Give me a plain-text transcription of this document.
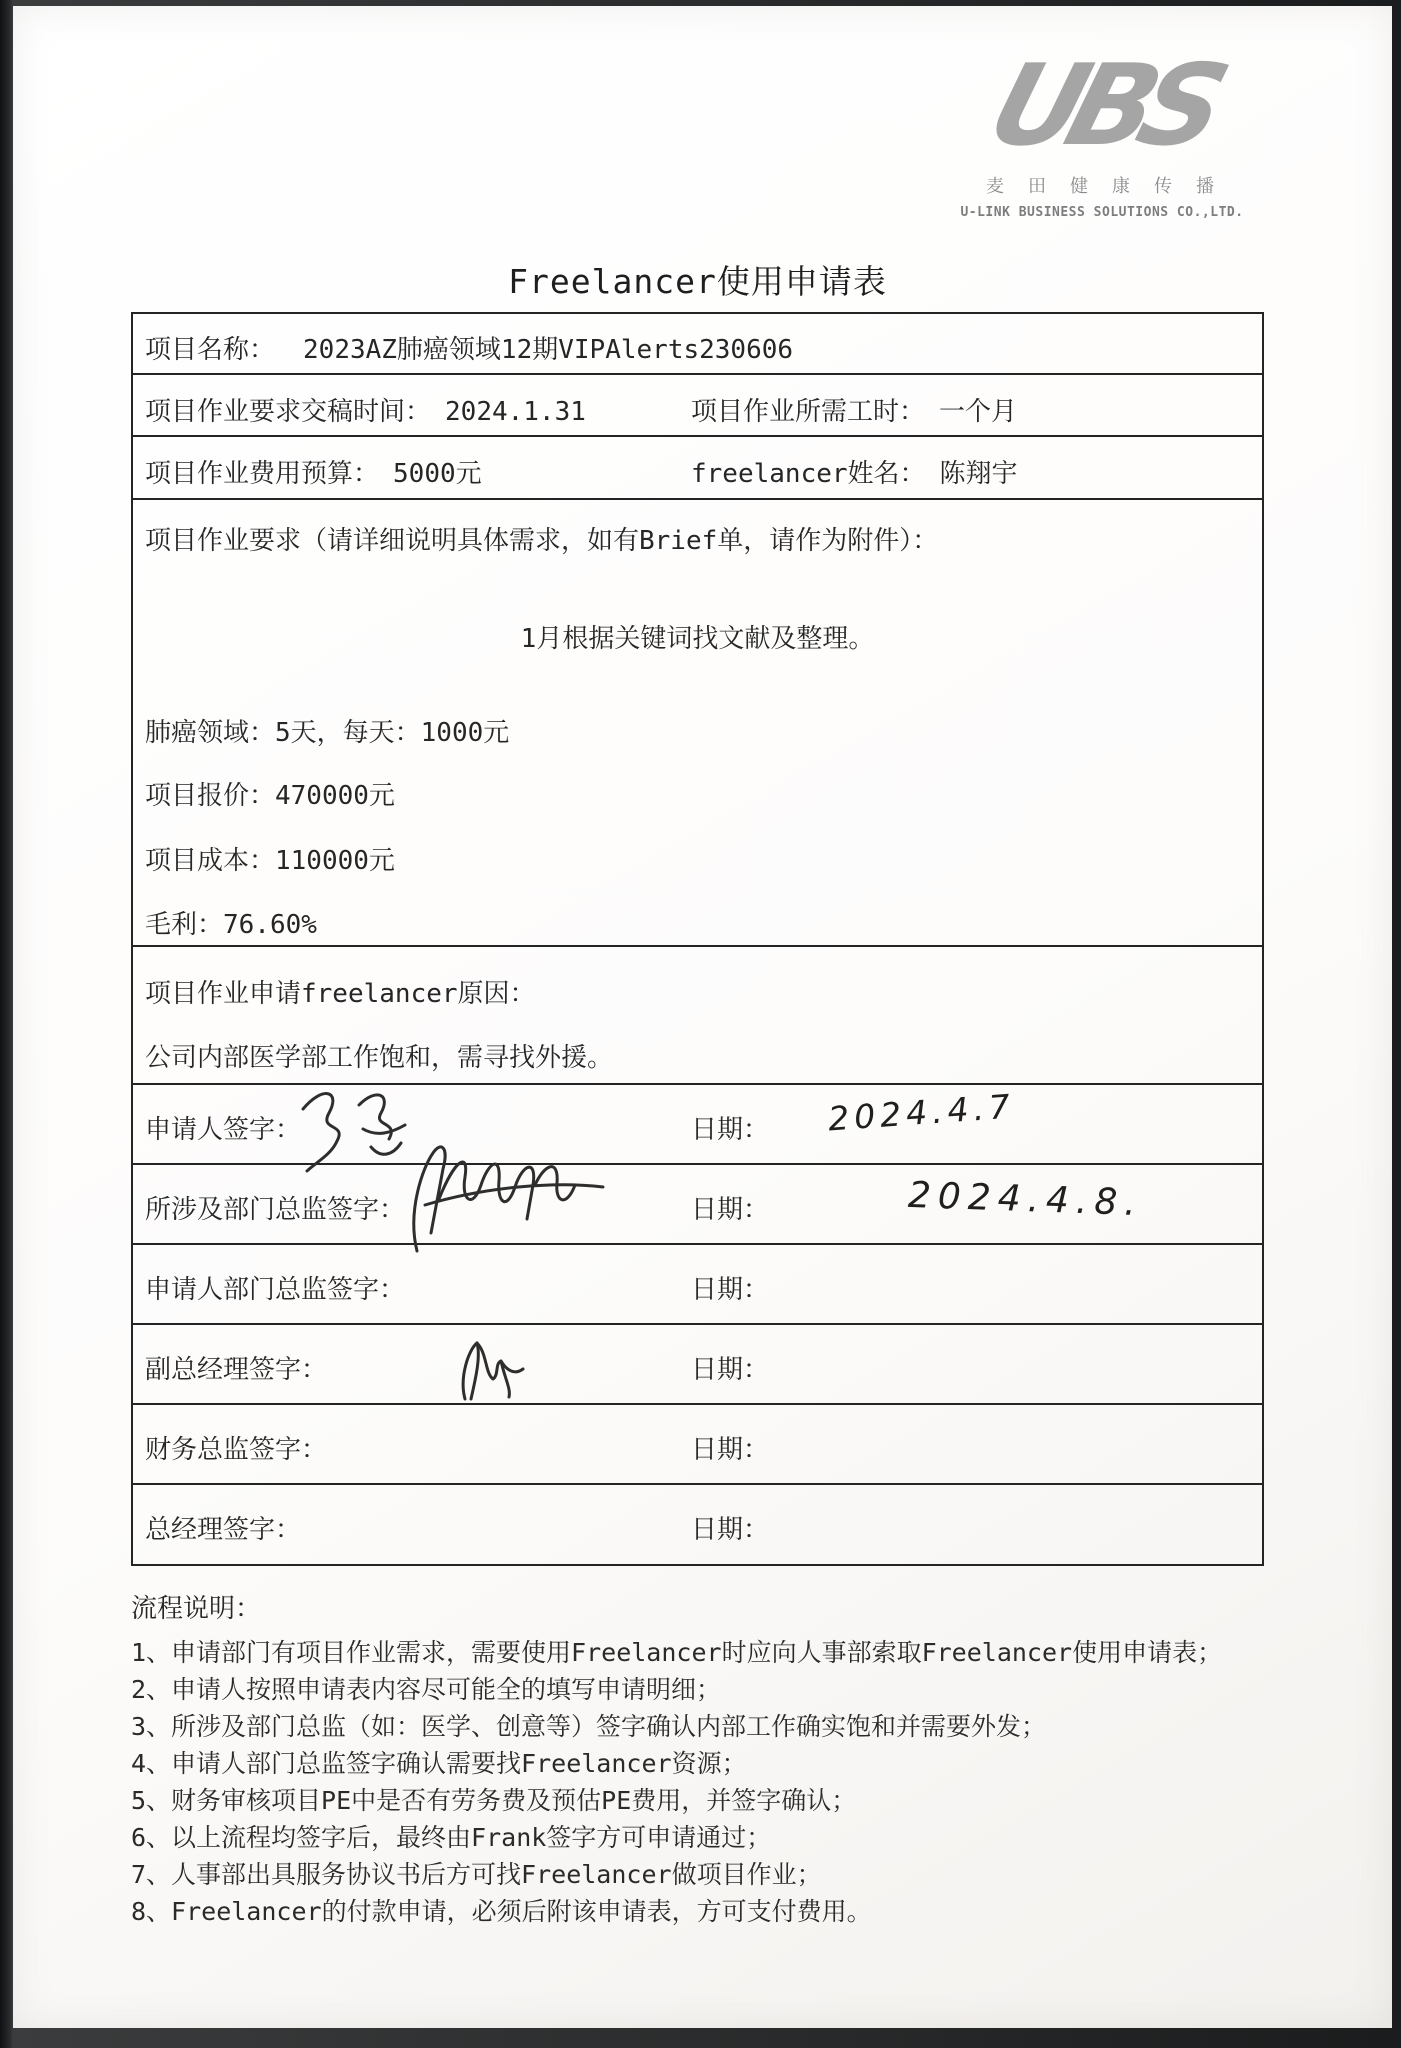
UBS
麦田健康传播
U-LINK BUSINESS SOLUTIONS CO.,LTD.
Freelancer使用申请表
项目名称： 2023AZ肺癌领域12期VIPAlerts230606
项目作业要求交稿时间： 2024.1.31	项目作业所需工时： 一个月
项目作业费用预算： 5000元	freelancer姓名： 陈翔宇
项目作业要求（请详细说明具体需求，如有Brief单，请作为附件）：
1月根据关键词找文献及整理。
肺癌领域：5天，每天：1000元
项目报价：470000元
项目成本：110000元
毛利：76.60%
项目作业申请freelancer原因：
公司内部医学部工作饱和，需寻找外援。
申请人签字：	日期： 2024.4.7
所涉及部门总监签字：	日期：	2024.4.8.
申请人部门总监签字：	日期：
副总经理签字：	日期：
财务总监签字：	日期：
总经理签字：	日期：
流程说明：
1、申请部门有项目作业需求，需要使用Freelancer时应向人事部索取Freelancer使用申请表；
2、申请人按照申请表内容尽可能全的填写申请明细；
3、所涉及部门总监（如：医学、创意等）签字确认内部工作确实饱和并需要外发；
4、申请人部门总监签字确认需要找Freelancer资源；
5、财务审核项目PE中是否有劳务费及预估PE费用，并签字确认；
6、以上流程均签字后，最终由Frank签字方可申请通过；
7、人事部出具服务协议书后方可找Freelancer做项目作业；
8、Freelancer的付款申请，必须后附该申请表，方可支付费用。
